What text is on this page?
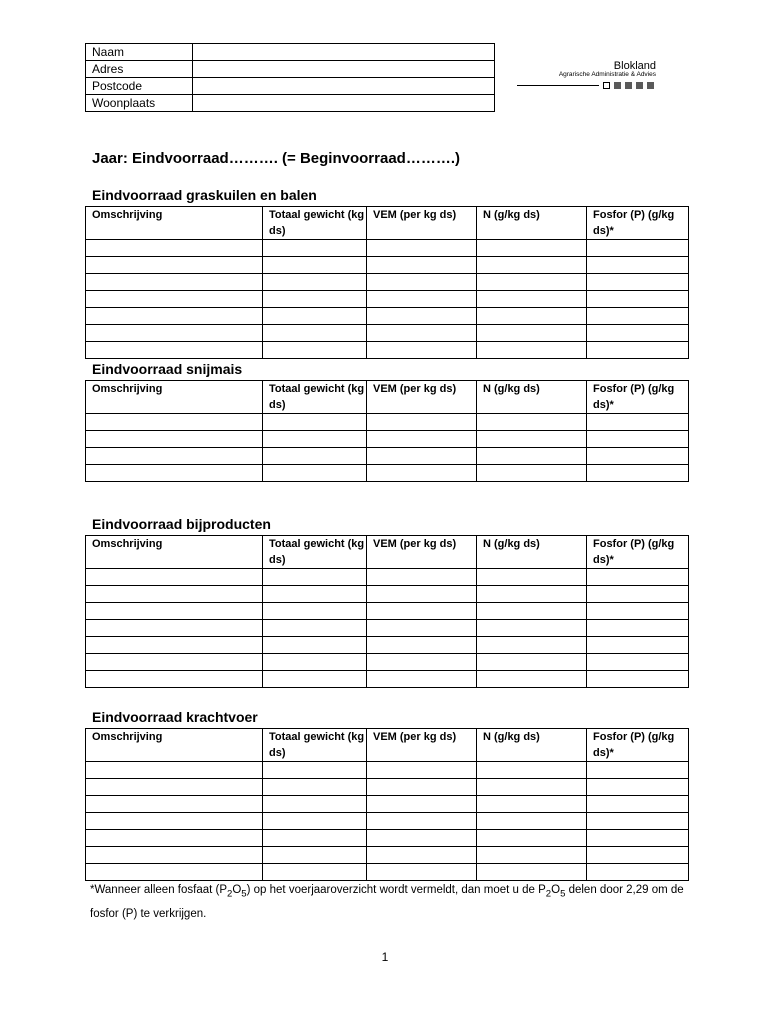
Naam	
Adres	
Postcode	
Woonplaats	
Blokland
Agrarische Administratie & Advies
Jaar: Eindvoorraad………. (= Beginvoorraad……….)
Eindvoorraad graskuilen en balen
Omschrijving	Totaal gewicht (kg ds)	VEM (per kg ds)	N (g/kg ds)	Fosfor (P) (g/kg ds)*

Eindvoorraad snijmais
Omschrijving	Totaal gewicht (kg ds)	VEM (per kg ds)	N (g/kg ds)	Fosfor (P) (g/kg ds)*

Eindvoorraad bijproducten
Omschrijving	Totaal gewicht (kg ds)	VEM (per kg ds)	N (g/kg ds)	Fosfor (P) (g/kg ds)*

Eindvoorraad krachtvoer
Omschrijving	Totaal gewicht (kg ds)	VEM (per kg ds)	N (g/kg ds)	Fosfor (P) (g/kg ds)*

*Wanneer alleen fosfaat $(P_2O_5)$ op het voerjaaroverzicht wordt vermeldt, dan moet u de $P_2O_5$ delen door 2,29 om de fosfor (P) te verkrijgen.
1
